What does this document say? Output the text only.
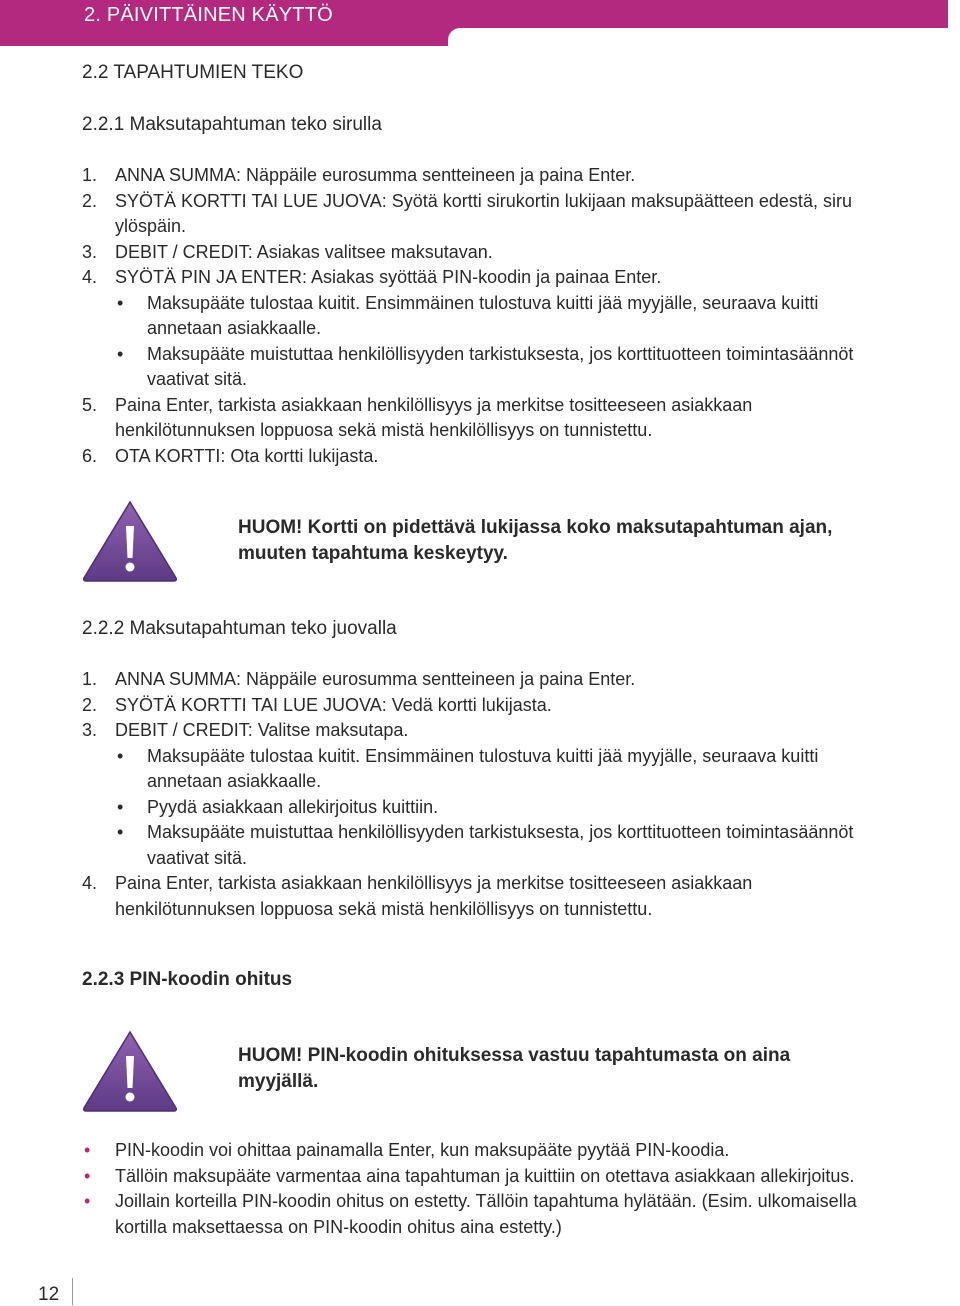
2. PÄIVITTÄINEN KÄYTTÖ
2.2 TAPAHTUMIEN TEKO
2.2.1 Maksutapahtuman teko sirulla
1. ANNA SUMMA: Näppäile eurosumma sentteineen ja paina Enter.
2. SYÖTÄ KORTTI TAI LUE JUOVA: Syötä kortti sirukortin lukijaan maksupäätteen edestä, siru ylöspäin.
3. DEBIT / CREDIT: Asiakas valitsee maksutavan.
4. SYÖTÄ PIN JA ENTER: Asiakas syöttää PIN-koodin ja painaa Enter.
• Maksupääte tulostaa kuitit. Ensimmäinen tulostuva kuitti jää myyjälle, seuraava kuitti annetaan asiakkaalle.
• Maksupääte muistuttaa henkilöllisyyden tarkistuksesta, jos korttituotteen toimintasäännöt vaativat sitä.
5. Paina Enter, tarkista asiakkaan henkilöllisyys ja merkitse tositteeseen asiakkaan henkilötunnuksen loppuosa sekä mistä henkilöllisyys on tunnistettu.
6. OTA KORTTI: Ota kortti lukijasta.
HUOM! Kortti on pidettävä lukijassa koko maksutapahtuman ajan, muuten tapahtuma keskeytyy.
2.2.2 Maksutapahtuman teko juovalla
1. ANNA SUMMA: Näppäile eurosumma sentteineen ja paina Enter.
2. SYÖTÄ KORTTI TAI LUE JUOVA: Vedä kortti lukijasta.
3. DEBIT / CREDIT: Valitse maksutapa.
• Maksupääte tulostaa kuitit. Ensimmäinen tulostuva kuitti jää myyjälle, seuraava kuitti annetaan asiakkaalle.
• Pyydä asiakkaan allekirjoitus kuittiin.
• Maksupääte muistuttaa henkilöllisyyden tarkistuksesta, jos korttituotteen toimintasäännöt vaativat sitä.
4. Paina Enter, tarkista asiakkaan henkilöllisyys ja merkitse tositteeseen asiakkaan henkilötunnuksen loppuosa sekä mistä henkilöllisyys on tunnistettu.
2.2.3 PIN-koodin ohitus
HUOM! PIN-koodin ohituksessa vastuu tapahtumasta on aina myyjällä.
• PIN-koodin voi ohittaa painamalla Enter, kun maksupääte pyytää PIN-koodia.
• Tällöin maksupääte varmentaa aina tapahtuman ja kuittiin on otettava asiakkaan allekirjoitus.
• Joillain korteilla PIN-koodin ohitus on estetty. Tällöin tapahtuma hylätään. (Esim. ulkomaisella kortilla maksettaessa on PIN-koodin ohitus aina estetty.)
12
